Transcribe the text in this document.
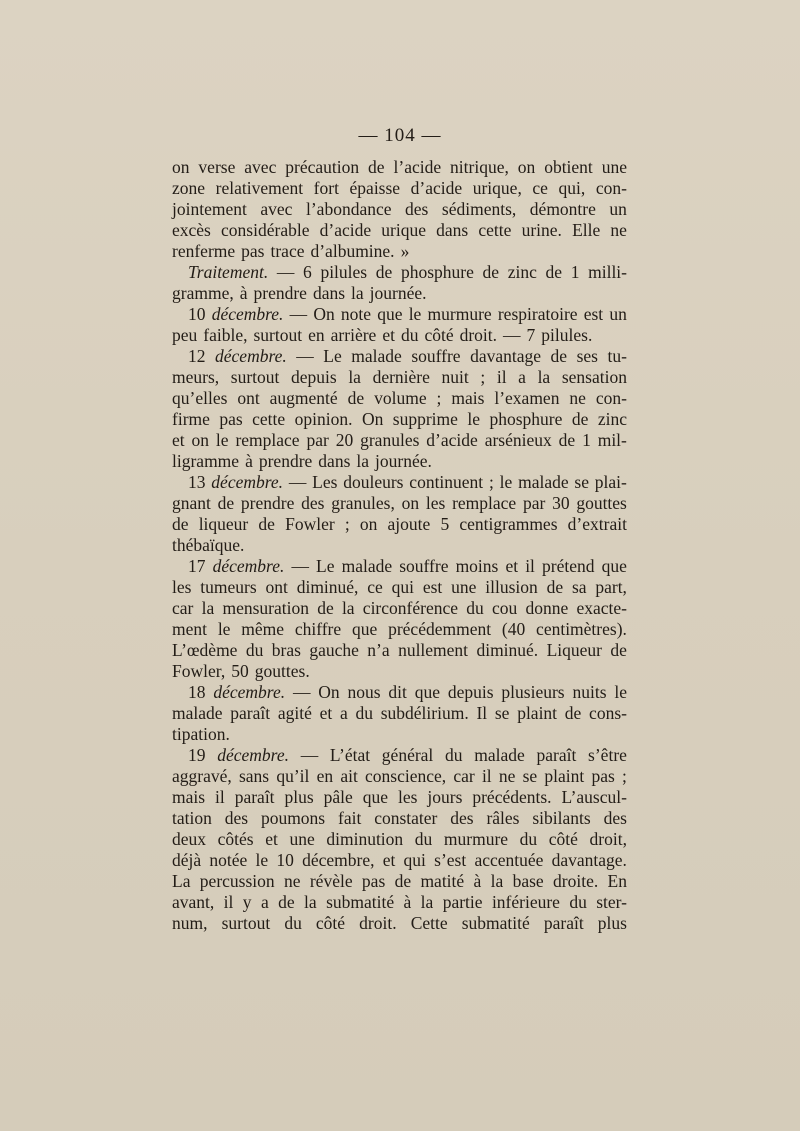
— 104 —
on verse avec précaution de l’acide nitrique, on obtient une
zone relativement fort épaisse d’acide urique, ce qui, con-
jointement avec l’abondance des sédiments, démontre un
excès considérable d’acide urique dans cette urine. Elle ne
renferme pas trace d’albumine. »
Traitement. — 6 pilules de phosphure de zinc de 1 milli-
gramme, à prendre dans la journée.
10 décembre. — On note que le murmure respiratoire est un
peu faible, surtout en arrière et du côté droit. — 7 pilules.
12 décembre. — Le malade souffre davantage de ses tu-
meurs, surtout depuis la dernière nuit ; il a la sensation
qu’elles ont augmenté de volume ; mais l’examen ne con-
firme pas cette opinion. On supprime le phosphure de zinc
et on le remplace par 20 granules d’acide arsénieux de 1 mil-
ligramme à prendre dans la journée.
13 décembre. — Les douleurs continuent ; le malade se plai-
gnant de prendre des granules, on les remplace par 30 gouttes
de liqueur de Fowler ; on ajoute 5 centigrammes d’extrait
thébaïque.
17 décembre. — Le malade souffre moins et il prétend que
les tumeurs ont diminué, ce qui est une illusion de sa part,
car la mensuration de la circonférence du cou donne exacte-
ment le même chiffre que précédemment (40 centimètres).
L’œdème du bras gauche n’a nullement diminué. Liqueur de
Fowler, 50 gouttes.
18 décembre. — On nous dit que depuis plusieurs nuits le
malade paraît agité et a du subdélirium. Il se plaint de cons-
tipation.
19 décembre. — L’état général du malade paraît s’être
aggravé, sans qu’il en ait conscience, car il ne se plaint pas ;
mais il paraît plus pâle que les jours précédents. L’auscul-
tation des poumons fait constater des râles sibilants des
deux côtés et une diminution du murmure du côté droit,
déjà notée le 10 décembre, et qui s’est accentuée davantage.
La percussion ne révèle pas de matité à la base droite. En
avant, il y a de la submatité à la partie inférieure du ster-
num, surtout du côté droit. Cette submatité paraît plus
